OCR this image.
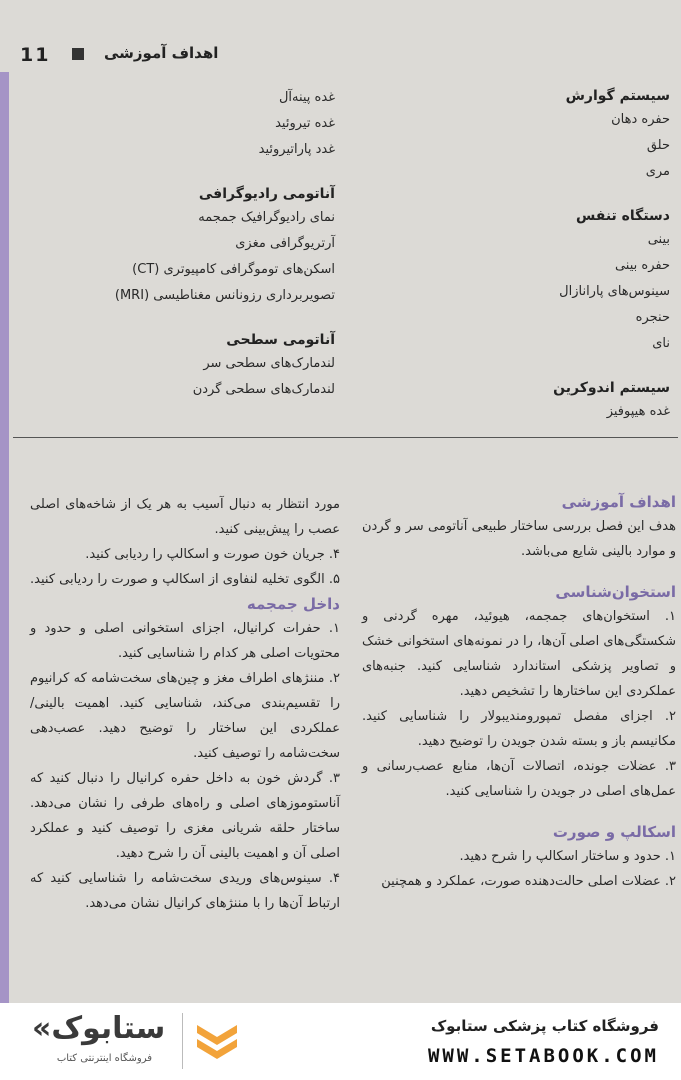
11	اهداف آموزشی
سیستم گوارش
حفره دهان
حلق
مری
دستگاه تنفس
بینی
حفره بینی
سینوس‌های پارانازال
حنجره
نای
سیستم اندوکرین
غده هیپوفیز
غده پینه‌آل
غده تیروئید
غدد پاراتیروئید
آناتومی رادیوگرافی
نمای رادیوگرافیک جمجمه
آرتریوگرافی مغزی
اسکن‌های توموگرافی کامپیوتری (CT)
تصویربرداری رزونانس مغناطیسی (MRI)
آناتومی سطحی
لندمارک‌های سطحی سر
لندمارک‌های سطحی گردن
اهداف آموزشی
هدف این فصل بررسی ساختار طبیعی آناتومی سر و گردن و موارد بالینی شایع می‌باشد.
استخوان‌شناسی
۱. استخوان‌های جمجمه، هیوئید، مهره گردنی و شکستگی‌های اصلی آن‌ها، را در نمونه‌های استخوانی خشک و تصاویر پزشکی استاندارد شناسایی کنید. جنبه‌های عملکردی این ساختارها را تشخیص دهید.
۲. اجزای مفصل تمپورومندیبولار را شناسایی کنید. مکانیسم باز و بسته شدن جویدن را توضیح دهید.
۳. عضلات جونده، اتصالات آن‌ها، منابع عصب‌رسانی و عمل‌های اصلی در جویدن را شناسایی کنید.
اسکالپ و صورت
۱. حدود و ساختار اسکالپ را شرح دهید.
۲. عضلات اصلی حالت‌دهنده صورت، عملکرد و همچنین
مورد انتظار به دنبال آسیب به هر یک از شاخه‌های اصلی عصب را پیش‌بینی کنید.
۴. جریان خون صورت و اسکالپ را ردیابی کنید.
۵. الگوی تخلیه لنفاوی از اسکالپ و صورت را ردیابی کنید.
داخل جمجمه
۱. حفرات کرانیال، اجزای استخوانی اصلی و حدود و محتویات اصلی هر کدام را شناسایی کنید.
۲. مننژهای اطراف مغز و چین‌های سخت‌شامه که کرانیوم را تقسیم‌بندی می‌کند، شناسایی کنید. اهمیت بالینی/ عملکردی این ساختار را توضیح دهید. عصب‌دهی سخت‌شامه را توصیف کنید.
۳. گردش خون به داخل حفره کرانیال را دنبال کنید که آناستوموزهای اصلی و راه‌های طرفی را نشان می‌دهد. ساختار حلقه شریانی مغزی را توصیف کنید و عملکرد اصلی آن و اهمیت بالینی آن را شرح دهید.
۴. سینوس‌های وریدی سخت‌شامه را شناسایی کنید که ارتباط آن‌ها را با مننژهای کرانیال نشان می‌دهد.
«ستابوک
فروشگاه اینترنتی کتاب
فروشگاه کتاب پزشکی ستابوک
WWW.SETABOOK.COM
